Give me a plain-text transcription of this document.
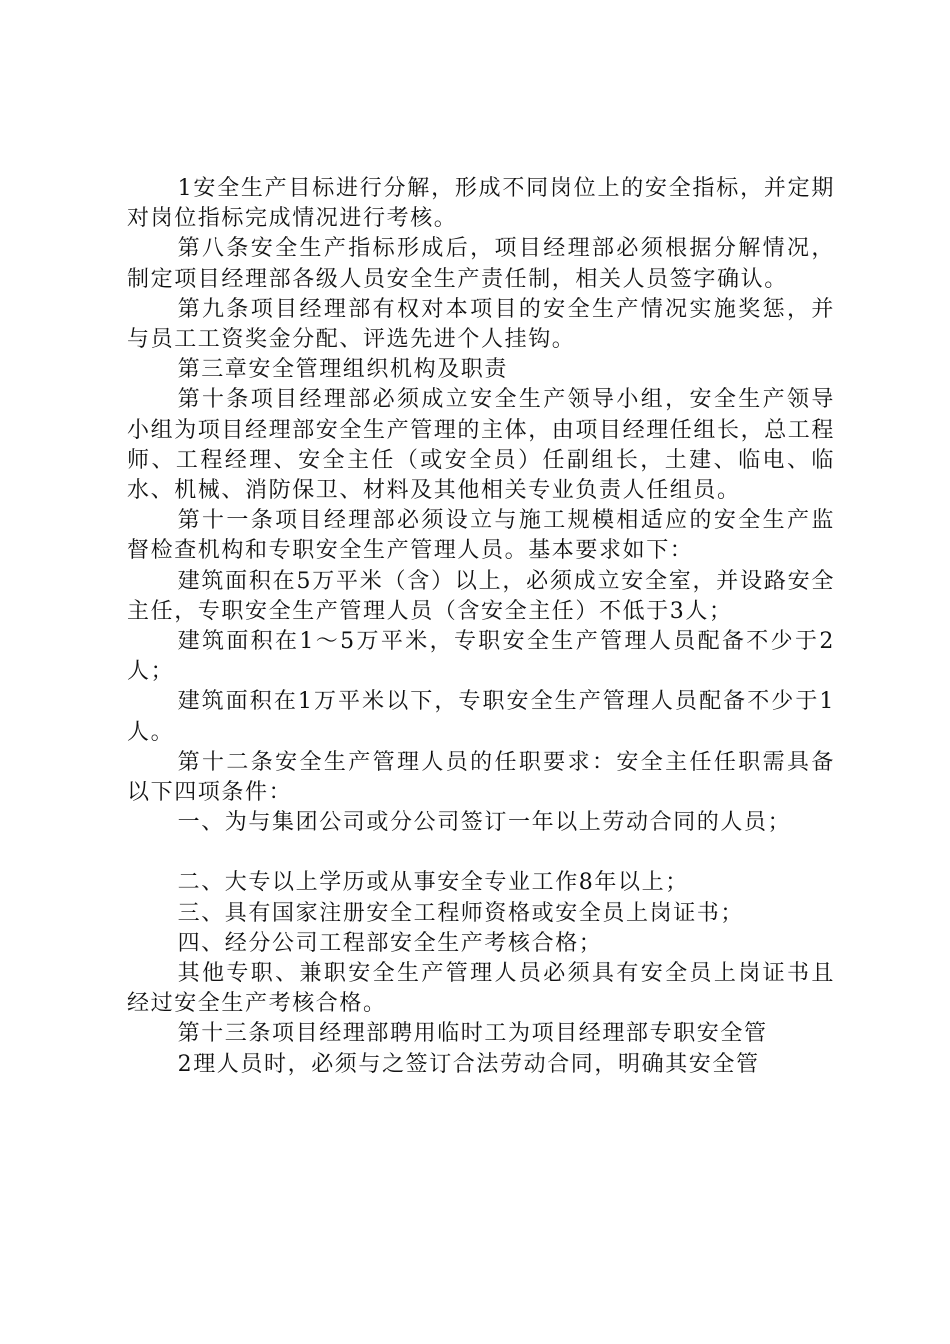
1安全生产目标进行分解，形成不同岗位上的安全指标，并定期对岗位指标完成情况进行考核。

第八条安全生产指标形成后，项目经理部必须根据分解情况，制定项目经理部各级人员安全生产责任制，相关人员签字确认。

第九条项目经理部有权对本项目的安全生产情况实施奖惩，并与员工工资奖金分配、评选先进个人挂钩。

第三章安全管理组织机构及职责

第十条项目经理部必须成立安全生产领导小组，安全生产领导小组为项目经理部安全生产管理的主体，由项目经理任组长，总工程师、工程经理、安全主任（或安全员）任副组长，土建、临电、临水、机械、消防保卫、材料及其他相关专业负责人任组员。

第十一条项目经理部必须设立与施工规模相适应的安全生产监督检查机构和专职安全生产管理人员。基本要求如下：

建筑面积在5万平米（含）以上，必须成立安全室，并设路安全主任，专职安全生产管理人员（含安全主任）不低于3人；

建筑面积在1～5万平米，专职安全生产管理人员配备不少于2人；

建筑面积在1万平米以下，专职安全生产管理人员配备不少于1人。

第十二条安全生产管理人员的任职要求：安全主任任职需具备以下四项条件：

一、为与集团公司或分公司签订一年以上劳动合同的人员；

二、大专以上学历或从事安全专业工作8年以上；

三、具有国家注册安全工程师资格或安全员上岗证书；

四、经分公司工程部安全生产考核合格；

其他专职、兼职安全生产管理人员必须具有安全员上岗证书且经过安全生产考核合格。

第十三条项目经理部聘用临时工为项目经理部专职安全管

2理人员时，必须与之签订合法劳动合同，明确其安全管
